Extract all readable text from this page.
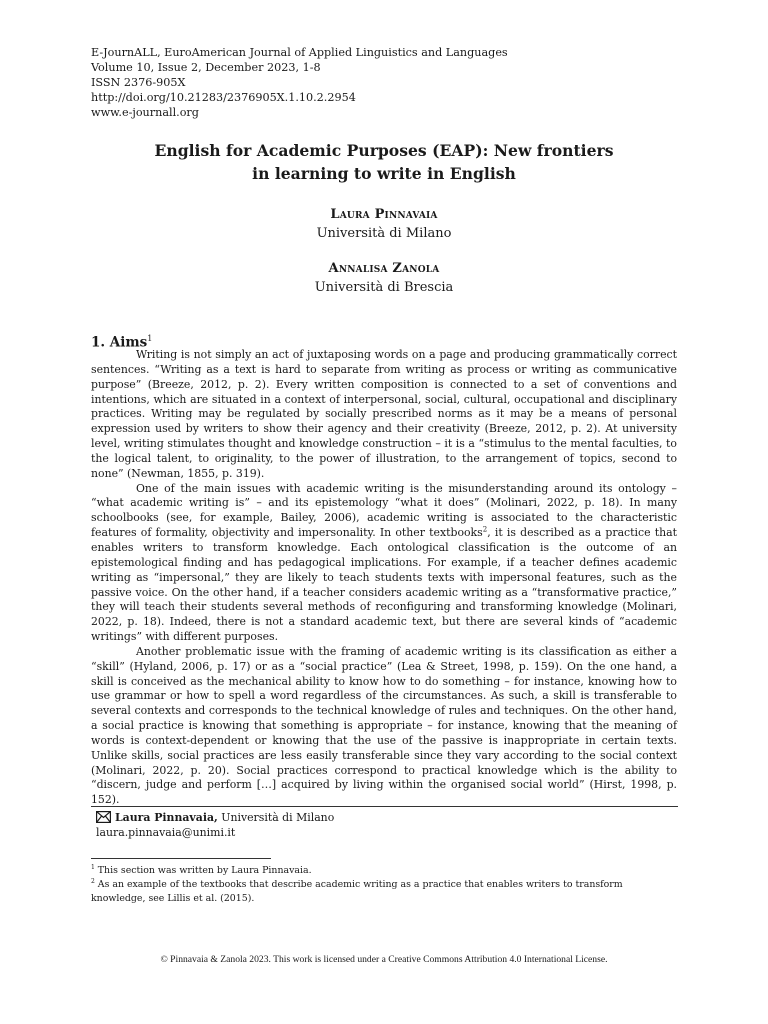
E-JournALL, EuroAmerican Journal of Applied Linguistics and Languages
Volume 10, Issue 2, December 2023, 1-8
ISSN 2376-905X
http://doi.org/10.21283/2376905X.1.10.2.2954
www.e-journall.org
English for Academic Purposes (EAP): New frontiers
in learning to write in English
Laura Pinnavaia
Università di Milano
Annalisa Zanola
Università di Brescia
1. Aims$^1$

Writing is not simply an act of juxtaposing words on a page and producing grammatically correct sentences. “Writing as a text is hard to separate from writing as process or writing as communicative purpose” (Breeze, 2012, p. 2). Every written composition is connected to a set of conventions and intentions, which are situated in a context of interpersonal, social, cultural, occupational and disciplinary practices. Writing may be regulated by socially prescribed norms as it may be a means of personal expression used by writers to show their agency and their creativity (Breeze, 2012, p. 2). At university level, writing stimulates thought and knowledge construction – it is a “stimulus to the mental faculties, to the logical talent, to originality, to the power of illustration, to the arrangement of topics, second to none” (Newman, 1855, p. 319).

One of the main issues with academic writing is the misunderstanding around its ontology – “what academic writing is” – and its epistemology “what it does” (Molinari, 2022, p. 18). In many schoolbooks (see, for example, Bailey, 2006), academic writing is associated to the characteristic features of formality, objectivity and impersonality. In other textbooks$^2$, it is described as a practice that enables writers to transform knowledge. Each ontological classification is the outcome of an epistemological finding and has pedagogical implications. For example, if a teacher defines academic writing as “impersonal,” they are likely to teach students texts with impersonal features, such as the passive voice. On the other hand, if a teacher considers academic writing as a “transformative practice,” they will teach their students several methods of reconfiguring and transforming knowledge (Molinari, 2022, p. 18). Indeed, there is not a standard academic text, but there are several kinds of “academic writings” with different purposes.

Another problematic issue with the framing of academic writing is its classification as either a “skill” (Hyland, 2006, p. 17) or as a “social practice” (Lea & Street, 1998, p. 159). On the one hand, a skill is conceived as the mechanical ability to know how to do something – for instance, knowing how to use grammar or how to spell a word regardless of the circumstances. As such, a skill is transferable to several contexts and corresponds to the technical knowledge of rules and techniques. On the other hand, a social practice is knowing that something is appropriate – for instance, knowing that the meaning of words is context-dependent or knowing that the use of the passive is inappropriate in certain texts. Unlike skills, social practices are less easily transferable since they vary according to the social context (Molinari, 2022, p. 20). Social practices correspond to practical knowledge which is the ability to “discern, judge and perform […] acquired by living within the organised social world” (Hirst, 1998, p. 152).

Laura Pinnavaia, Università di Milano
laura.pinnavaia@unimi.it
$^1$ This section was written by Laura Pinnavaia.
$^2$ As an example of the textbooks that describe academic writing as a practice that enables writers to transform knowledge, see Lillis et al. (2015).
© Pinnavaia & Zanola 2023. This work is licensed under a Creative Commons Attribution 4.0 International License.
